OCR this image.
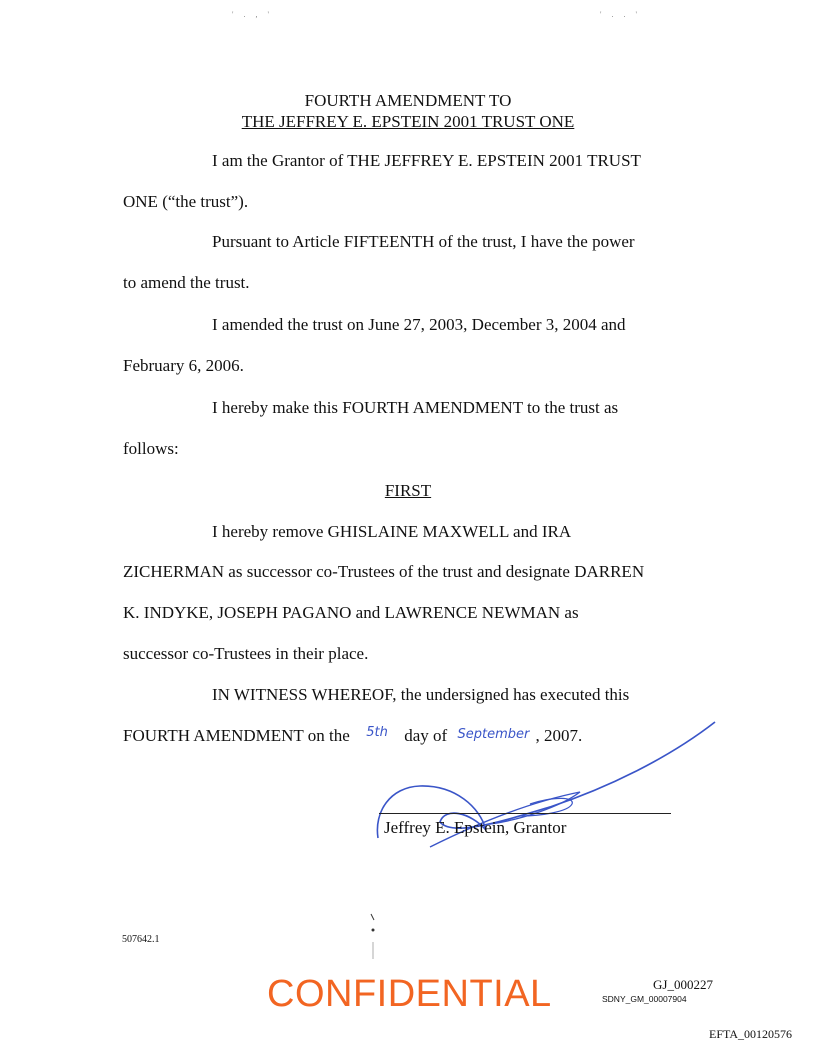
' . , '	' . . '
FOURTH AMENDMENT TO
THE JEFFREY E. EPSTEIN 2001 TRUST ONE
I am the Grantor of THE JEFFREY E. EPSTEIN 2001 TRUST
ONE (“the trust”).
Pursuant to Article FIFTEENTH of the trust, I have the power
to amend the trust.
I amended the trust on June 27, 2003, December 3, 2004 and
February 6, 2006.
I hereby make this FOURTH AMENDMENT to the trust as
follows:
FIRST
I hereby remove GHISLAINE MAXWELL and IRA
ZICHERMAN as successor co-Trustees of the trust and designate DARREN
K. INDYKE, JOSEPH PAGANO and LAWRENCE NEWMAN as
successor co-Trustees in their place.
IN WITNESS WHEREOF, the undersigned has executed this
FOURTH AMENDMENT on the 5th day of September , 2007.
Jeffrey E. Epstein, Grantor
507642.1
CONFIDENTIAL	GJ_000227
SDNY_GM_00007904
EFTA_00120576
